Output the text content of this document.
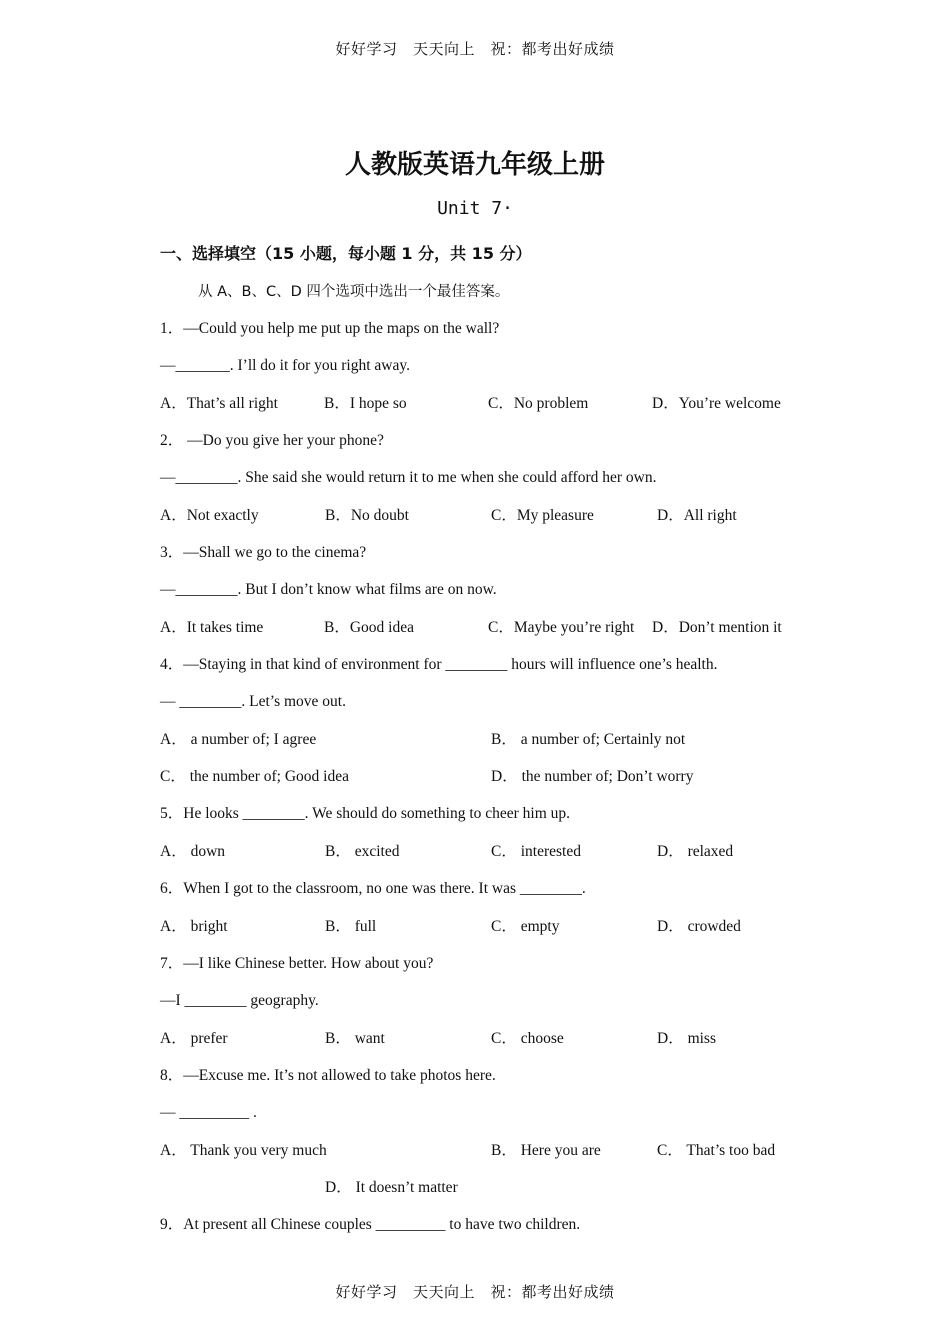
好好学习　天天向上　祝：都考出好成绩
人教版英语九年级上册
Unit 7·
一、选择填空（15 小题，每小题 1 分，共 15 分）
从 A、B、C、D 四个选项中选出一个最佳答案。
1．—Could you help me put up the maps on the wall?
—_______. I’ll do it for you right away.
A．That’s all right	B．I hope so	C．No problem	D．You’re welcome
2． —Do you give her your phone?
—________. She said she would return it to me when she could afford her own.
A．Not exactly	B．No doubt	C．My pleasure	D．All right
3．—Shall we go to the cinema?
—________. But I don’t know what films are on now.
A．It takes time	B．Good idea	C．Maybe you’re right D．Don’t mention it
4．—Staying in that kind of environment for ________ hours will influence one’s health.
— ________. Let’s move out.
A． a number of; I agree	B． a number of; Certainly not
C． the number of; Good idea	D． the number of; Don’t worry
5．He looks ________. We should do something to cheer him up.
A． down	B． excited	C． interested	D． relaxed
6．When I got to the classroom, no one was there. It was ________.
A． bright	B． full	C． empty	D． crowded
7．—I like Chinese better. How about you?
—I ________ geography.
A． prefer	B． want	C． choose	D． miss
8．—Excuse me. It’s not allowed to take photos here.
— _________ .
A． Thank you very much	B． Here you are	C． That’s too bad
D． It doesn’t matter
9．At present all Chinese couples _________ to have two children.
好好学习　天天向上　祝：都考出好成绩
